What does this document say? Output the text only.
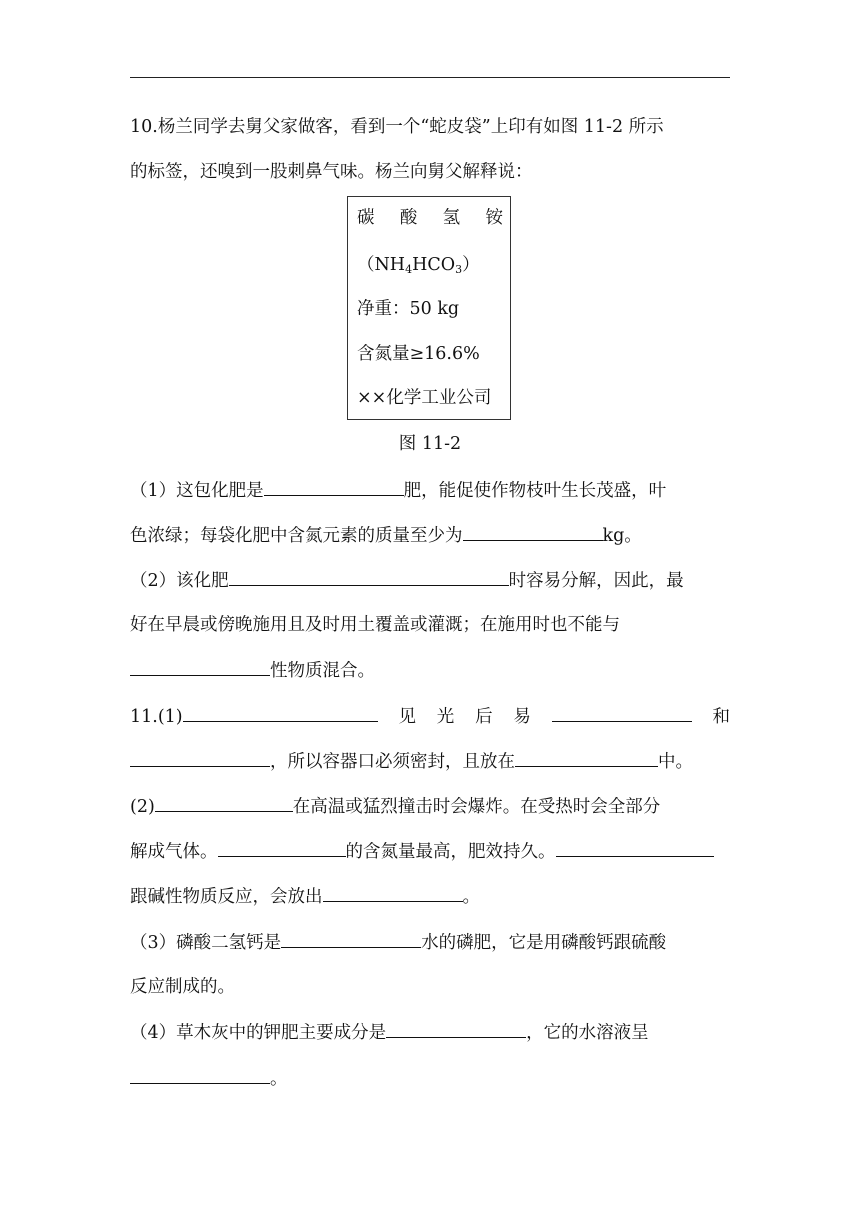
10.杨兰同学去舅父家做客，看到一个“蛇皮袋”上印有如图 11-2 所示
的标签，还嗅到一股刺鼻气味。杨兰向舅父解释说：
碳 酸 氢 铵
$(NH_4HCO_3)$
净重：50 kg
含氮量≥16.6%
××化学工业公司
图 11-2
（1）这包化肥是	肥，能促使作物枝叶生长茂盛，叶
色浓绿；每袋化肥中含氮元素的质量至少为	kg。
（2）该化肥	时容易分解，因此，最
好在早晨或傍晚施用且及时用土覆盖或灌溉；在施用时也不能与
性物质混合。
11.(1)	见 光 后 易	和
，所以容器口必须密封，且放在	中。
(2)	在高温或猛烈撞击时会爆炸。在受热时会全部分
解成气体。	的含氮量最高，肥效持久。
跟碱性物质反应，会放出	。
（3）磷酸二氢钙是	水的磷肥，它是用磷酸钙跟硫酸
反应制成的。
（4）草木灰中的钾肥主要成分是	，它的水溶液呈
。
